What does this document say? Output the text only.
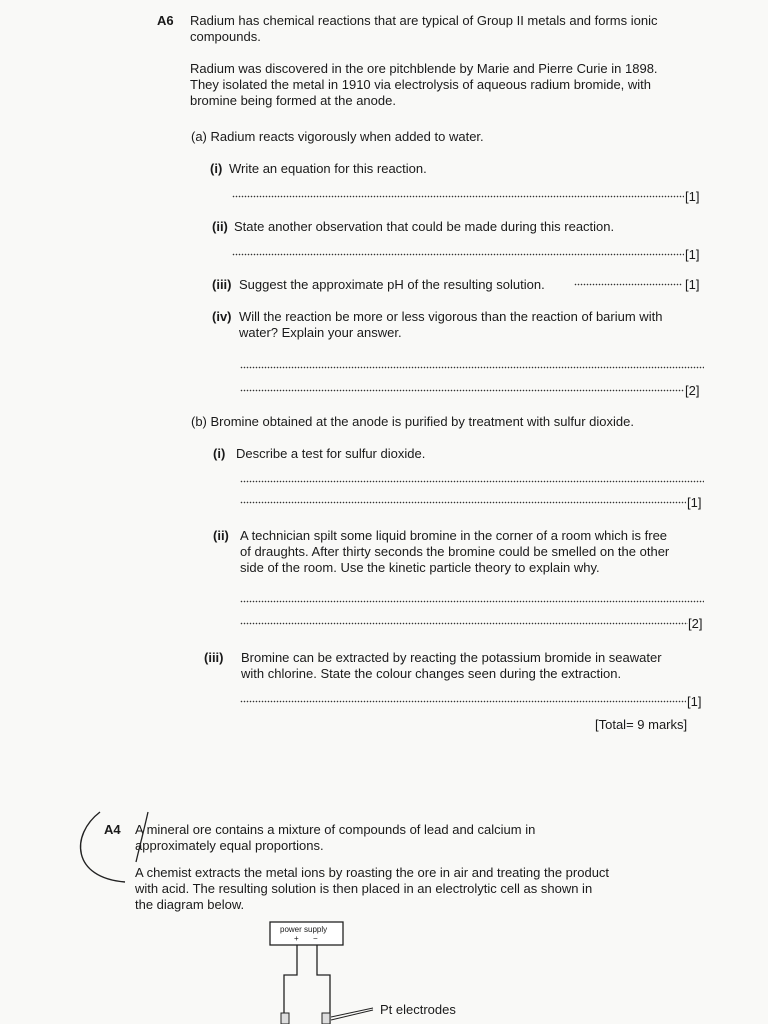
A6 Radium has chemical reactions that are typical of Group II metals and forms ionic
compounds.
Radium was discovered in the ore pitchblende by Marie and Pierre Curie in 1898.
They isolated the metal in 1910 via electrolysis of aqueous radium bromide, with
bromine being formed at the anode.
(a) Radium reacts vigorously when added to water.
(i) Write an equation for this reaction.
[1]
(ii) State another observation that could be made during this reaction.
[1]
(iii) Suggest the approximate pH of the resulting solution.	[1]
(iv) Will the reaction be more or less vigorous than the reaction of barium with
water? Explain your answer.
[2]
(b) Bromine obtained at the anode is purified by treatment with sulfur dioxide.
(i) Describe a test for sulfur dioxide.
[1]
(ii) A technician spilt some liquid bromine in the corner of a room which is free
of draughts. After thirty seconds the bromine could be smelled on the other
side of the room. Use the kinetic particle theory to explain why.
[2]
(iii) Bromine can be extracted by reacting the potassium bromide in seawater
with chlorine. State the colour changes seen during the extraction.
[1]
[Total= 9 marks]
A4 A mineral ore contains a mixture of compounds of lead and calcium in
approximately equal proportions.
A chemist extracts the metal ions by roasting the ore in air and treating the product
with acid. The resulting solution is then placed in an electrolytic cell as shown in
the diagram below.
power supply
+ −
Pt electrodes
